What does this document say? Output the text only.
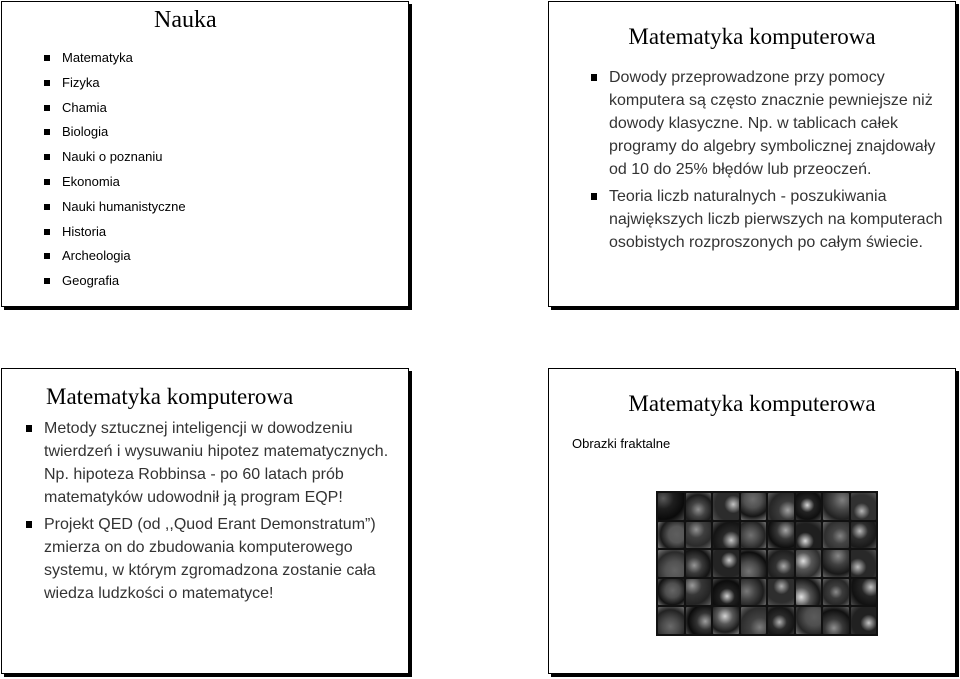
Nauka
Matematyka
Fizyka
Chamia
Biologia
Nauki o poznaniu
Ekonomia
Nauki humanistyczne
Historia
Archeologia
Geografia
Matematyka komputerowa
Dowody przeprowadzone przy pomocy komputera są często znacznie pewniejsze niż dowody klasyczne. Np. w tablicach całek programy do algebry symbolicznej znajdowały od 10 do 25% błędów lub przeoczeń.
Teoria liczb naturalnych - poszukiwania największych liczb pierwszych na komputerach osobistych rozproszonych po całym świecie.
Matematyka komputerowa
Metody sztucznej inteligencji w dowodzeniu twierdzeń i wysuwaniu hipotez matematycznych. Np. hipoteza Robbinsa - po 60 latach prób matematyków udowodnił ją program EQP!
Projekt QED (od ,,Quod Erant Demonstratum”) zmierza on do zbudowania komputerowego systemu, w którym zgromadzona zostanie cała wiedza ludzkości o matematyce!
Matematyka komputerowa
Obrazki fraktalne
